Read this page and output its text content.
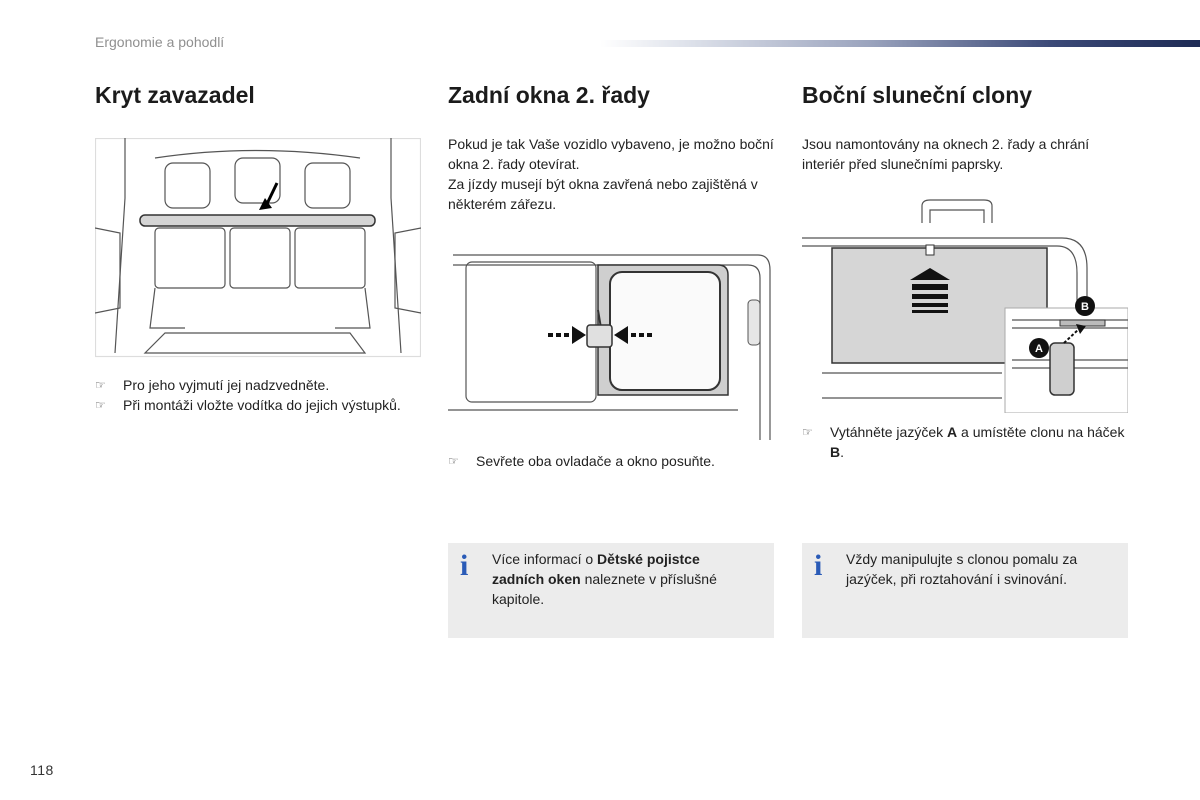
Ergonomie a pohodlí
Kryt zavazadel
☞ Pro jeho vyjmutí jej nadzvedněte.
☞ Při montáži vložte vodítka do jejich výstupků.
Zadní okna 2. řady
Pokud je tak Vaše vozidlo vybaveno, je možno boční okna 2. řady otevírat.
Za jízdy musejí být okna zavřená nebo zajištěná v některém zářezu.
☞ Sevřete oba ovladače a okno posuňte.
i Více informací o Dětské pojistce zadních oken naleznete v příslušné kapitole.
Boční sluneční clony
Jsou namontovány na oknech 2. řady a chrání interiér před slunečními paprsky.
B
A
☞ Vytáhněte jazýček A a umístěte clonu na háček B.
i Vždy manipulujte s clonou pomalu za jazýček, při roztahování i svinování.
118
